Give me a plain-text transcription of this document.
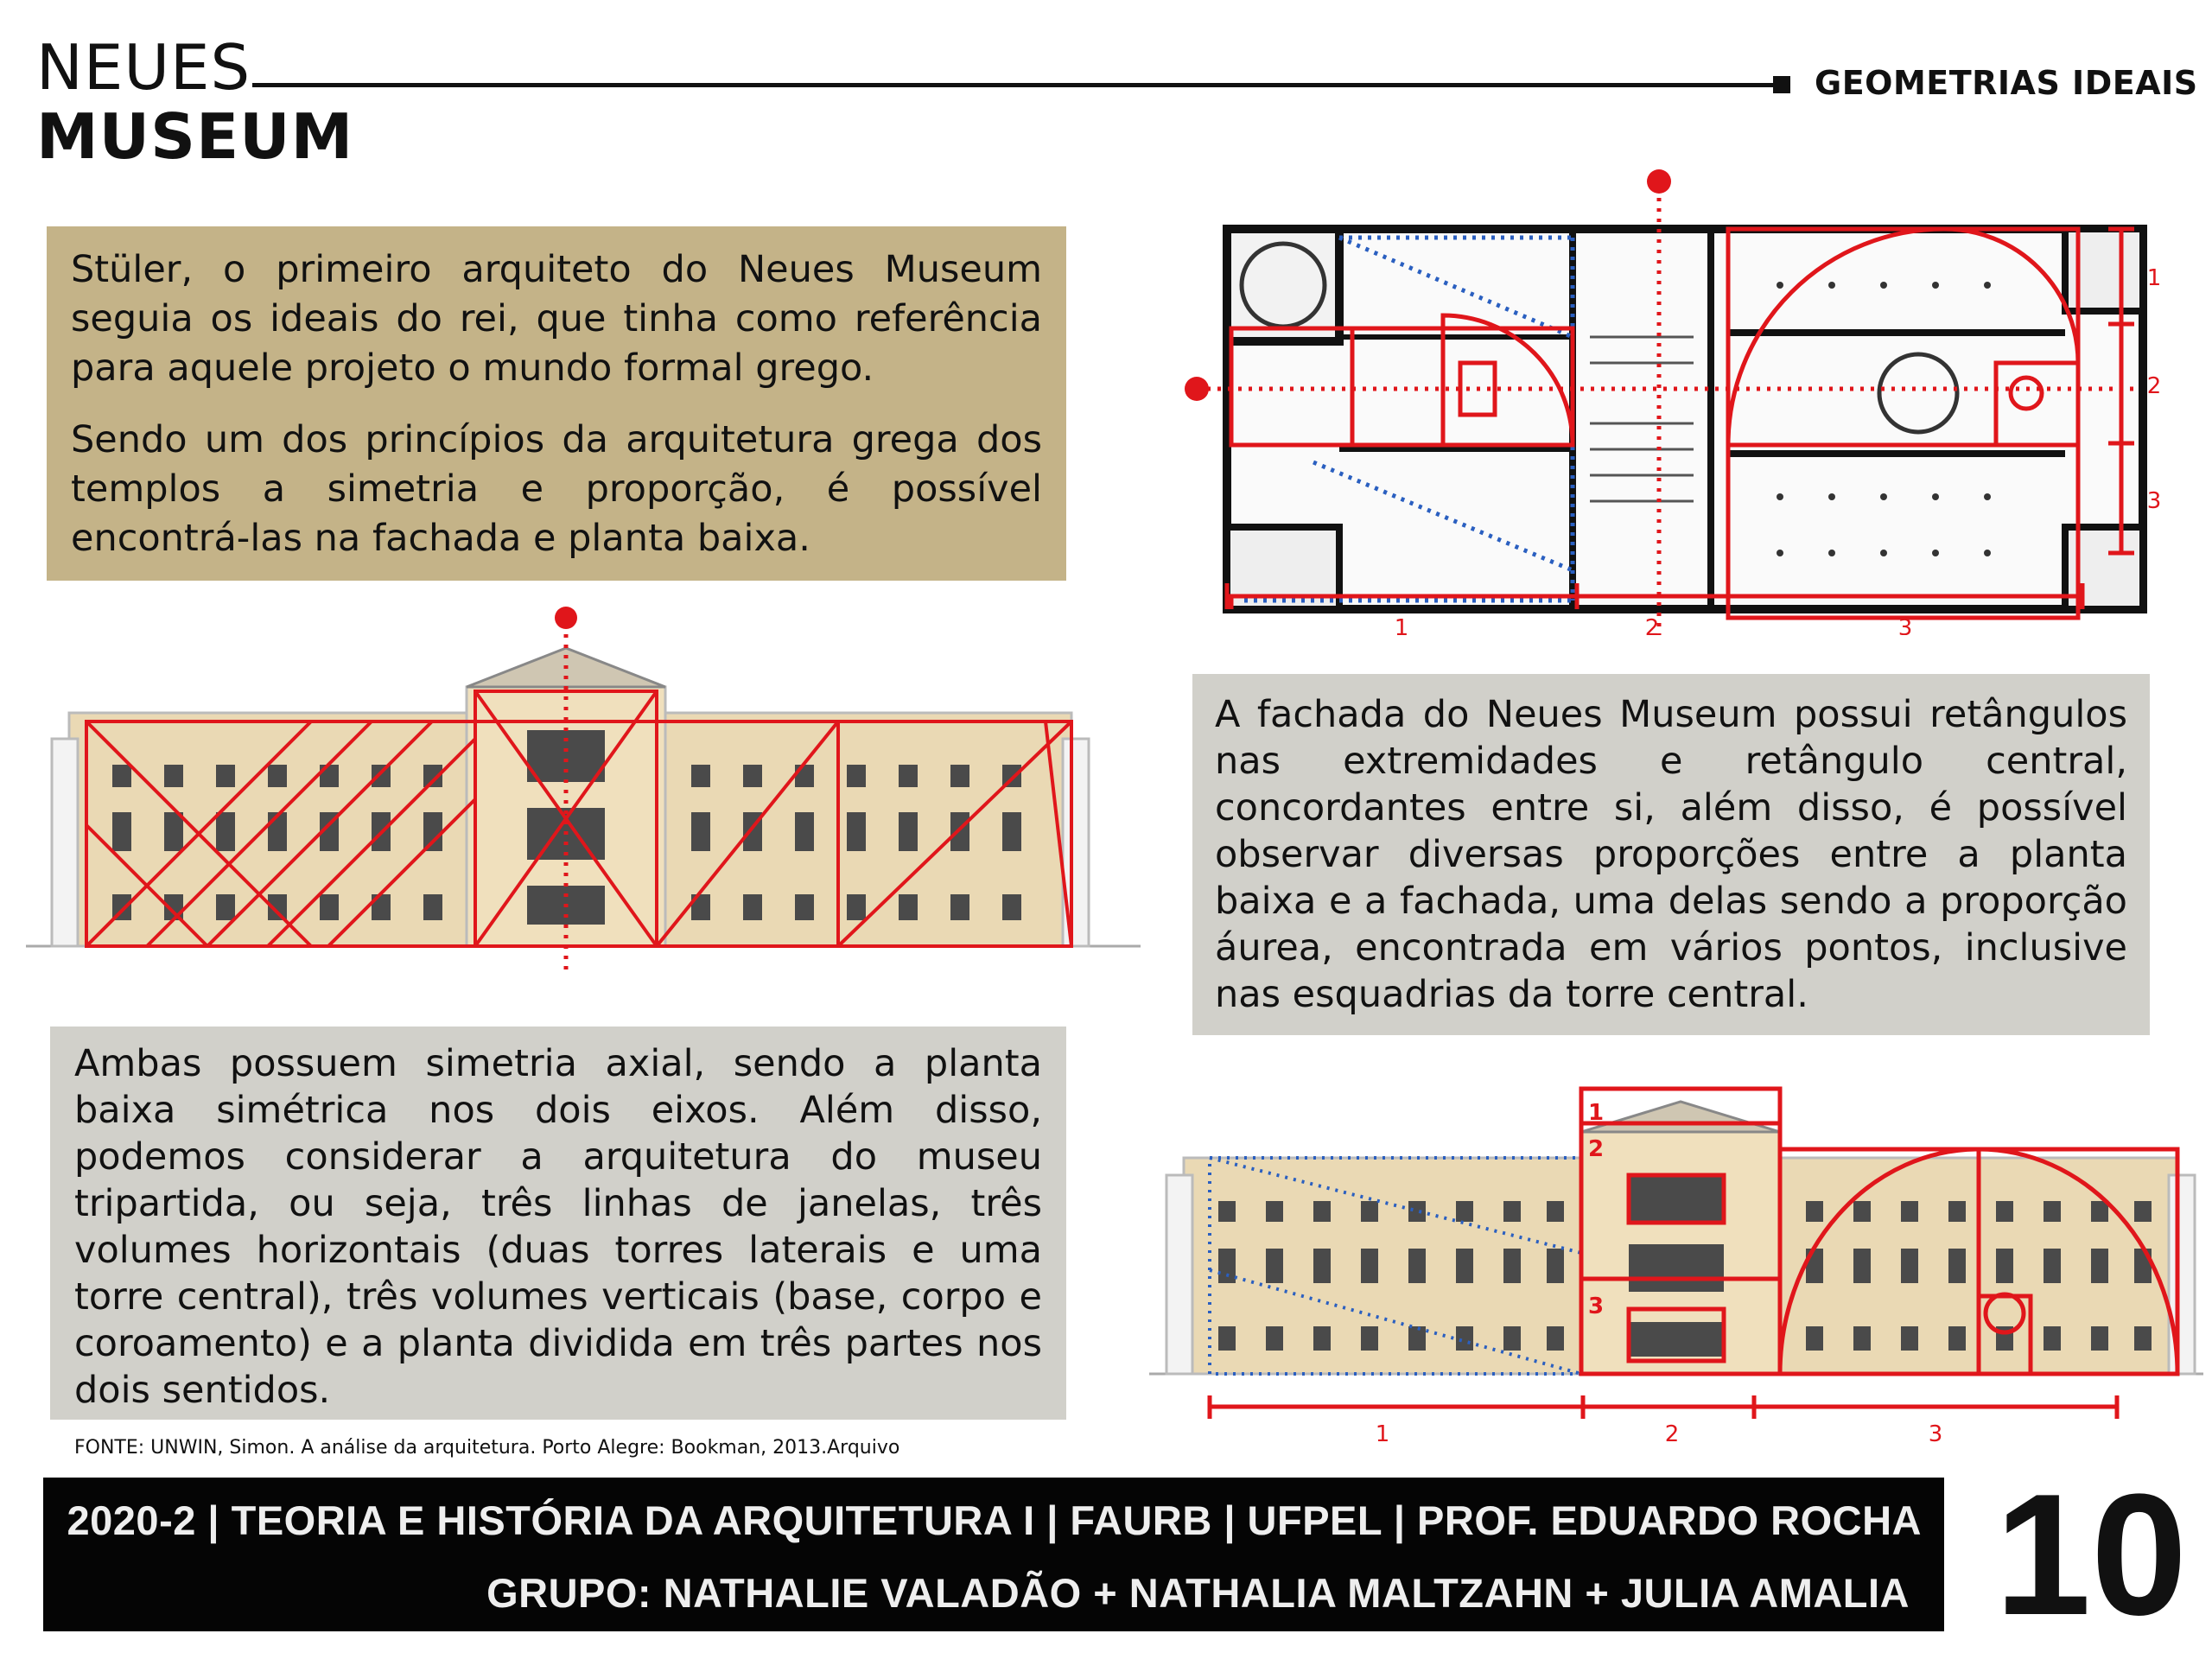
NEUES
MUSEUM
GEOMETRIAS IDEAIS

Stüler, o primeiro arquiteto do Neues Museum seguia os ideais do rei, que tinha como referência para aquele projeto o mundo formal grego.

Sendo um dos princípios da arquitetura grega dos templos a simetria e proporção, é possível encontrá-las na fachada e planta baixa.

1	2	3
1
2
3

A fachada do Neues Museum possui retângulos nas extremidades e retângulo central, concordantes entre si, além disso, é possível observar diversas proporções entre a planta baixa e a fachada, uma delas sendo a proporção áurea, encontrada em vários pontos, inclusive nas esquadrias da torre central.

Ambas possuem simetria axial, sendo a planta baixa simétrica nos dois eixos. Além disso, podemos considerar a arquitetura do museu tripartida, ou seja, três linhas de janelas, três volumes horizontais (duas torres laterais e uma torre central), três volumes verticais (base, corpo e coroamento) e a planta dividida em três partes nos dois sentidos.

FONTE: UNWIN, Simon. A análise da arquitetura. Porto Alegre: Bookman, 2013.Arquivo

1
2
3
1	2	3
2020-2 | TEORIA E HISTÓRIA DA ARQUITETURA I | FAURB | UFPEL | PROF. EDUARDO ROCHA
GRUPO: NATHALIE VALADÃO + NATHALIA MALTZAHN + JULIA AMALIA 10
